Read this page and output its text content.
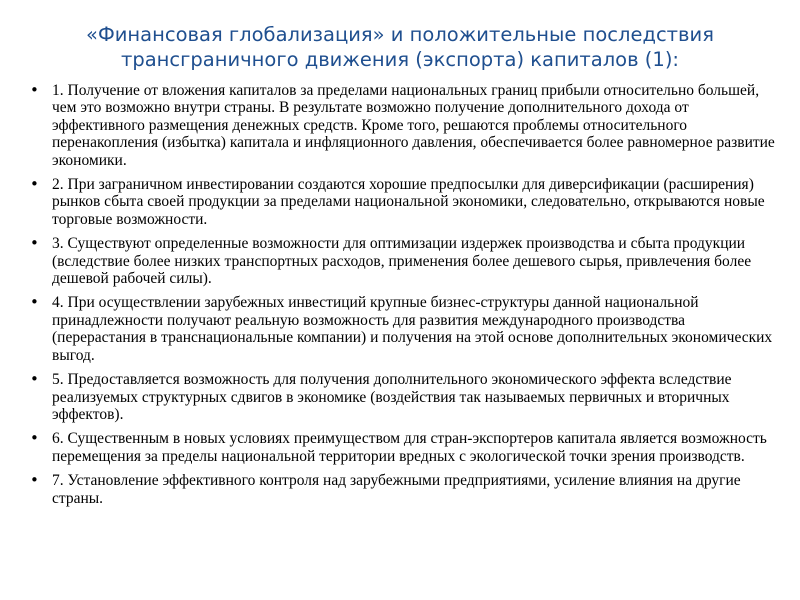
«Финансовая глобализация» и положительные последствия трансграничного движения (экспорта) капиталов (1):
• 1. Получение от вложения капиталов за пределами национальных границ прибыли относительно большей, чем это возможно внутри страны. В результате возможно получение дополнительного дохода от эффективного размещения денежных средств. Кроме того, решаются проблемы относительного перенакопления (избытка) капитала и инфляционного давления, обеспечивается более равномерное развитие экономики.
• 2. При заграничном инвестировании создаются хорошие предпосылки для диверсификации (расширения) рынков сбыта своей продукции за пределами национальной экономики, следовательно, открываются новые торговые возможности.
• 3. Существуют определенные возможности для оптимизации издержек производства и сбыта продукции (вследствие более низких транспортных расходов, применения более дешевого сырья, привлечения более дешевой рабочей силы).
• 4. При осуществлении зарубежных инвестиций крупные бизнес-структуры данной национальной принадлежности получают реальную возможность для развития международного производства (перерастания в транснациональные компании) и получения на этой основе дополнительных экономических выгод.
• 5. Предоставляется возможность для получения дополнительного экономического эффекта вследствие реализуемых структурных сдвигов в экономике (воздействия так называемых первичных и вторичных эффектов).
• 6. Существенным в новых условиях преимуществом для стран-экспортеров капитала является возможность перемещения за пределы национальной территории вредных с экологической точки зрения производств.
• 7. Установление эффективного контроля над зарубежными предприятиями, усиление влияния на другие страны.
